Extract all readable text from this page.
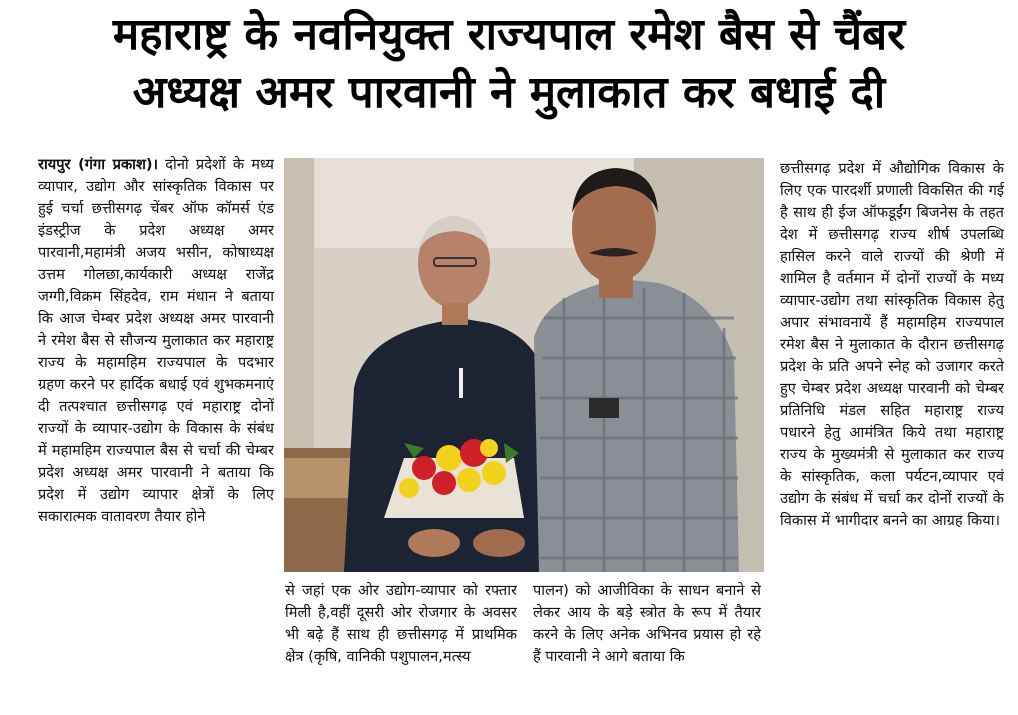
महाराष्ट्र के नवनियुक्त राज्यपाल रमेश बैस से चैंबर
अध्यक्ष अमर पारवानी ने मुलाकात कर बधाई दी

रायपुर (गंगा प्रकाश)। दोनो प्रदेशों के मध्य व्यापार, उद्योग और सांस्कृतिक विकास पर हुई चर्चा छत्तीसगढ़ चेंबर ऑफ कॉमर्स एंड इंडस्ट्रीज के प्रदेश अध्यक्ष अमर पारवानी,महामंत्री अजय भसीन, कोषाध्यक्ष उत्तम गोलछा,कार्यकारी अध्यक्ष राजेंद्र जग्गी,विक्रम सिंहदेव, राम मंधान ने बताया कि आज चेम्बर प्रदेश अध्यक्ष अमर पारवानी ने रमेश बैस से सौजन्य मुलाकात कर महाराष्ट्र राज्य के महामहिम राज्यपाल के पदभार ग्रहण करने पर हार्दिक बधाई एवं शुभकमनाएं दी तत्पश्चात छत्तीसगढ़ एवं महाराष्ट्र दोनों राज्यों के व्यापार-उद्योग के विकास के संबंध में महामहिम राज्यपाल बैस से चर्चा की चेम्बर प्रदेश अध्यक्ष अमर पारवानी ने बताया कि प्रदेश में उद्योग व्यापार क्षेत्रों के लिए सकारात्मक वातावरण तैयार होने

से जहां एक ओर उद्योग-व्यापार को रफ्तार मिली है,वहीं दूसरी ओर रोजगार के अवसर भी बढ़े हैं साथ ही छत्तीसगढ़ में प्राथमिक क्षेत्र (कृषि, वानिकी पशुपालन,मत्स्य

पालन) को आजीविका के साधन बनाने से लेकर आय के बड़े स्त्रोत के रूप में तैयार करने के लिए अनेक अभिनव प्रयास हो रहे हैं पारवानी ने आगे बताया कि

छत्तीसगढ़ प्रदेश में औद्योगिक विकास के लिए एक पारदर्शी प्रणाली विकसित की गई है साथ ही ईज ऑफडूईंग बिजनेस के तहत देश में छत्तीसगढ़ राज्य शीर्ष उपलब्धि हासिल करने वाले राज्यों की श्रेणी में शामिल है वर्तमान में दोनों राज्यों के मध्य व्यापार-उद्योग तथा सांस्कृतिक विकास हेतु अपार संभावनायें हैं महामहिम राज्यपाल रमेश बैस ने मुलाकात के दौरान छत्तीसगढ़ प्रदेश के प्रति अपने स्नेह को उजागर करते हुए चेम्बर प्रदेश अध्यक्ष पारवानी को चेम्बर प्रतिनिधि मंडल सहित महाराष्ट्र राज्य पधारने हेतु आमंत्रित किये तथा महाराष्ट्र राज्य के मुख्यमंत्री से मुलाकात कर राज्य के सांस्कृतिक, कला पर्यटन,व्यापार एवं उद्योग के संबंध में चर्चा कर दोनों राज्यों के विकास में भागीदार बनने का आग्रह किया।
